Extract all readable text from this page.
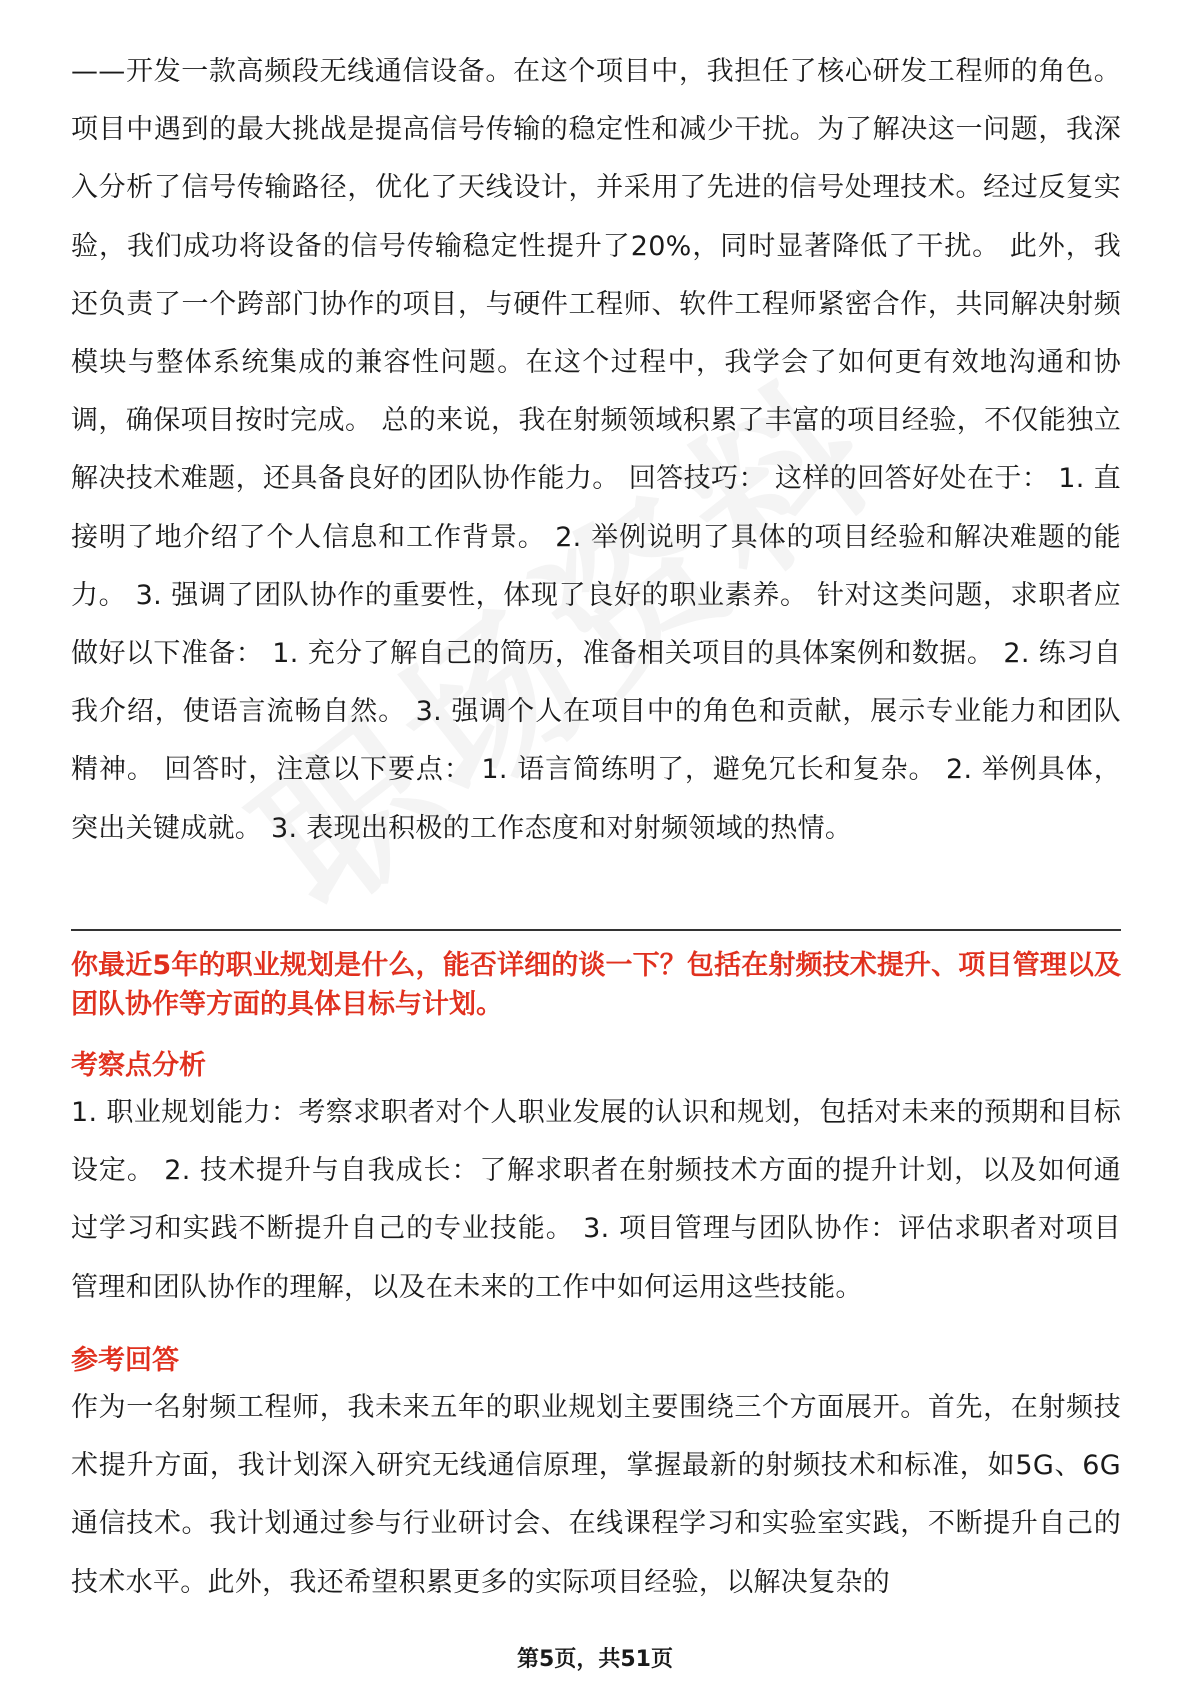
——开发一款高频段无线通信设备。在这个项目中，我担任了核心研发工程师的角色。项目中遇到的最大挑战是提高信号传输的稳定性和减少干扰。为了解决这一问题，我深入分析了信号传输路径，优化了天线设计，并采用了先进的信号处理技术。经过反复实验，我们成功将设备的信号传输稳定性提升了20%，同时显著降低了干扰。 此外，我还负责了一个跨部门协作的项目，与硬件工程师、软件工程师紧密合作，共同解决射频模块与整体系统集成的兼容性问题。在这个过程中，我学会了如何更有效地沟通和协调，确保项目按时完成。 总的来说，我在射频领域积累了丰富的项目经验，不仅能独立解决技术难题，还具备良好的团队协作能力。 回答技巧： 这样的回答好处在于： 1. 直接明了地介绍了个人信息和工作背景。 2. 举例说明了具体的项目经验和解决难题的能力。 3. 强调了团队协作的重要性，体现了良好的职业素养。 针对这类问题，求职者应做好以下准备： 1. 充分了解自己的简历，准备相关项目的具体案例和数据。 2. 练习自我介绍，使语言流畅自然。 3. 强调个人在项目中的角色和贡献，展示专业能力和团队精神。 回答时，注意以下要点： 1. 语言简练明了，避免冗长和复杂。 2. 举例具体，突出关键成就。 3. 表现出积极的工作态度和对射频领域的热情。

你最近5年的职业规划是什么，能否详细的谈一下？包括在射频技术提升、项目管理以及团队协作等方面的具体目标与计划。

考察点分析

1. 职业规划能力：考察求职者对个人职业发展的认识和规划，包括对未来的预期和目标设定。 2. 技术提升与自我成长：了解求职者在射频技术方面的提升计划，以及如何通过学习和实践不断提升自己的专业技能。 3. 项目管理与团队协作：评估求职者对项目管理和团队协作的理解，以及在未来的工作中如何运用这些技能。

参考回答

作为一名射频工程师，我未来五年的职业规划主要围绕三个方面展开。首先，在射频技术提升方面，我计划深入研究无线通信原理，掌握最新的射频技术和标准，如5G、6G通信技术。我计划通过参与行业研讨会、在线课程学习和实验室实践，不断提升自己的技术水平。此外，我还希望积累更多的实际项目经验，以解决复杂的

第5页，共51页
